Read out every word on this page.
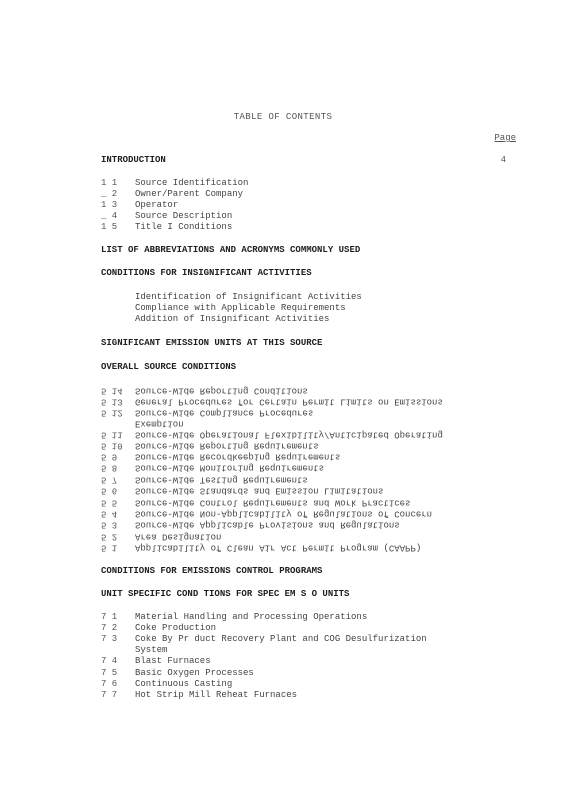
TABLE OF CONTENTS
Page
INTRODUCTION	4
1 1 Source Identification
_ 2 Owner/Parent Company
1 3 Operator
_ 4 Source Description
1 5 Title I Conditions
LIST OF ABBREVIATIONS AND ACRONYMS COMMONLY USED
CONDITIONS FOR INSIGNIFICANT ACTIVITIES
Identification of Insignificant Activities
Compliance with Applicable Requirements
Addition of Insignificant Activities
SIGNIFICANT EMISSION UNITS AT THIS SOURCE
OVERALL SOURCE CONDITIONS
5 14 Source-Wide Reporting Conditions
5 13 General Procedures for Certain Permit Limits on Emissions
5 12 Source-Wide Compliance Procedures
Exemption
5 11 Source-Wide Operational Flexibility/Anticipated Operating
5 10 Source-Wide Reporting Requirements
5 9 Source-Wide Recordkeeping Requirements
5 8 Source-Wide Monitoring Requirements
5 7 Source-Wide Testing Requirements
5 6 Source-Wide Standards and Emission Limitations
5 5 Source-Wide Control Requirements and Work Practices
5 4 Source-Wide Non-Applicability of Regulations of Concern
5 3 Source-Wide Applicable Provisions and Regulations
5 2 Area Designation
5 1 Applicability of Clean Air Act Permit Program (CAAPP)
CONDITIONS FOR EMISSIONS CONTROL PROGRAMS
UNIT SPECIFIC COND TIONS FOR SPEC EM S O UNITS
7 1 Material Handling and Processing Operations
7 2 Coke Production
7 3 Coke By Pr duct Recovery Plant and COG Desulfurization
System
7 4 Blast Furnaces
7 5 Basic Oxygen Processes
7 6 Continuous Casting
7 7 Hot Strip Mill Reheat Furnaces
